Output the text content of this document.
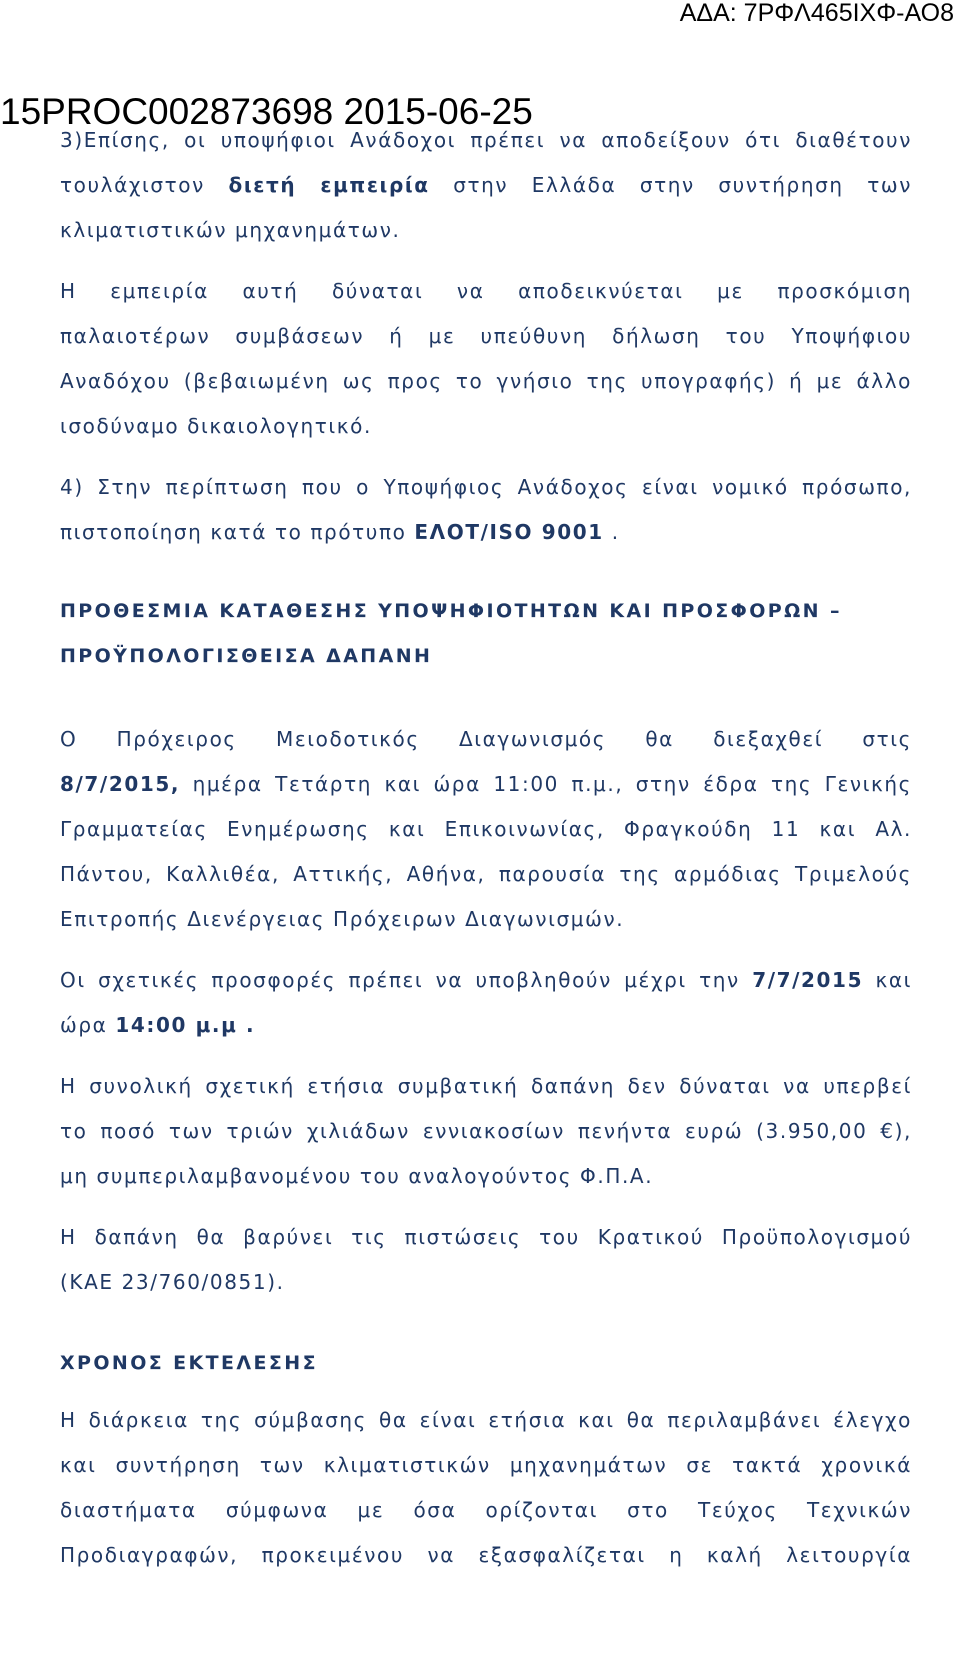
ΑΔΑ: 7ΡΦΛ465ΙΧΦ-ΑΟ8
15PROC002873698 2015-06-25
3)Επίσης, οι υποψήφιοι Ανάδοχοι πρέπει να αποδείξουν ότι διαθέτουν
τουλάχιστον διετή εμπειρία στην Ελλάδα στην συντήρηση των
κλιματιστικών μηχανημάτων.
Η εμπειρία αυτή δύναται να αποδεικνύεται με προσκόμιση
παλαιοτέρων συμβάσεων ή με υπεύθυνη δήλωση του Υποψήφιου
Αναδόχου (βεβαιωμένη ως προς το γνήσιο της υπογραφής) ή με άλλο
ισοδύναμο δικαιολογητικό.
4) Στην περίπτωση που ο Υποψήφιος Ανάδοχος είναι νομικό πρόσωπο,
πιστοποίηση κατά το πρότυπο ΕΛΟΤ/ISO 9001 .
ΠΡΟΘΕΣΜΙΑ ΚΑΤΑΘΕΣΗΣ ΥΠΟΨΗΦΙΟΤΗΤΩΝ ΚΑΙ ΠΡΟΣΦΟΡΩΝ –
ΠΡΟΫΠΟΛΟΓΙΣΘΕΙΣΑ ΔΑΠΑΝΗ
Ο Πρόχειρος Μειοδοτικός Διαγωνισμός θα διεξαχθεί στις
8/7/2015, ημέρα Τετάρτη και ώρα 11:00 π.μ., στην έδρα της Γενικής
Γραμματείας Ενημέρωσης και Επικοινωνίας, Φραγκούδη 11 και Αλ.
Πάντου, Καλλιθέα, Αττικής, Αθήνα, παρουσία της αρμόδιας Τριμελούς
Επιτροπής Διενέργειας Πρόχειρων Διαγωνισμών.
Οι σχετικές προσφορές πρέπει να υποβληθούν μέχρι την 7/7/2015 και
ώρα 14:00 μ.μ .
Η συνολική σχετική ετήσια συμβατική δαπάνη δεν δύναται να υπερβεί
το ποσό των τριών χιλιάδων εννιακοσίων πενήντα ευρώ (3.950,00 €),
μη συμπεριλαμβανομένου του αναλογούντος Φ.Π.Α.
Η δαπάνη θα βαρύνει τις πιστώσεις του Κρατικού Προϋπολογισμού
(ΚΑΕ 23/760/0851).
ΧΡΟΝΟΣ ΕΚΤΕΛΕΣΗΣ
Η διάρκεια της σύμβασης θα είναι ετήσια και θα περιλαμβάνει έλεγχο
και συντήρηση των κλιματιστικών μηχανημάτων σε τακτά χρονικά
διαστήματα σύμφωνα με όσα ορίζονται στο Τεύχος Τεχνικών
Προδιαγραφών, προκειμένου να εξασφαλίζεται η καλή λειτουργία
